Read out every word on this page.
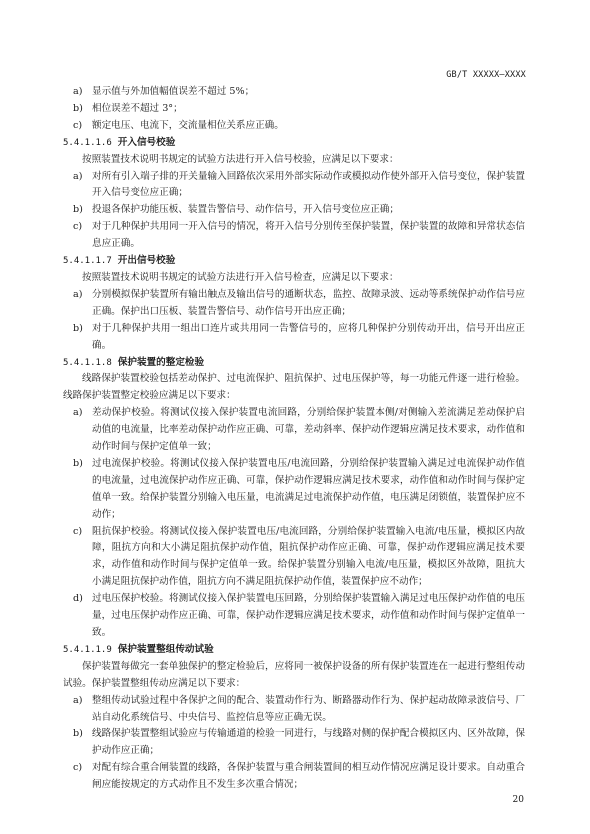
GB/T XXXXX—XXXX
a) 显示值与外加值幅值误差不超过 5%；
b) 相位误差不超过 3°；
c) 额定电压、电流下，交流量相位关系应正确。
5.4.1.1.6 开入信号校验
按照装置技术说明书规定的试验方法进行开入信号校验，应满足以下要求：
a) 对所有引入端子排的开关量输入回路依次采用外部实际动作或模拟动作使外部开入信号变位，保护装置开入信号变位应正确；
b) 投退各保护功能压板、装置告警信号、动作信号，开入信号变位应正确；
c) 对于几种保护共用同一开入信号的情况，将开入信号分别传至保护装置，保护装置的故障和异常状态信息应正确。
5.4.1.1.7 开出信号校验
按照装置技术说明书规定的试验方法进行开入信号检查，应满足以下要求：
a) 分别模拟保护装置所有输出触点及输出信号的通断状态，监控、故障录波、远动等系统保护动作信号应正确。保护出口压板、装置告警信号、动作信号开出应正确；
b) 对于几种保护共用一组出口连片或共用同一告警信号的，应将几种保护分别传动开出，信号开出应正确。
5.4.1.1.8 保护装置的整定检验
线路保护装置校验包括差动保护、过电流保护、阻抗保护、过电压保护等，每一功能元件逐一进行检验。线路保护装置整定校验应满足以下要求：
a) 差动保护校验。将测试仪接入保护装置电流回路，分别给保护装置本侧/对侧输入差流满足差动保护启动值的电流量，比率差动保护动作应正确、可靠，差动斜率、保护动作逻辑应满足技术要求，动作值和动作时间与保护定值单一致；
b) 过电流保护校验。将测试仪接入保护装置电压/电流回路，分别给保护装置输入满足过电流保护动作值的电流量，过电流保护动作应正确、可靠，保护动作逻辑应满足技术要求，动作值和动作时间与保护定值单一致。给保护装置分别输入电压量，电流满足过电流保护动作值，电压满足闭锁值，装置保护应不动作；
c) 阻抗保护校验。将测试仪接入保护装置电压/电流回路，分别给保护装置输入电流/电压量，模拟区内故障，阻抗方向和大小满足阻抗保护动作值，阻抗保护动作应正确、可靠，保护动作逻辑应满足技术要求，动作值和动作时间与保护定值单一致。给保护装置分别输入电流/电压量，模拟区外故障，阻抗大小满足阻抗保护动作值，阻抗方向不满足阻抗保护动作值，装置保护应不动作；
d) 过电压保护校验。将测试仪接入保护装置电压回路，分别给保护装置输入满足过电压保护动作值的电压量，过电压保护动作应正确、可靠，保护动作逻辑应满足技术要求，动作值和动作时间与保护定值单一致。
5.4.1.1.9 保护装置整组传动试验
保护装置每做完一套单独保护的整定检验后，应将同一被保护设备的所有保护装置连在一起进行整组传动试验。保护装置整组传动应满足以下要求：
a) 整组传动试验过程中各保护之间的配合、装置动作行为、断路器动作行为、保护起动故障录波信号、厂站自动化系统信号、中央信号、监控信息等应正确无误。
b) 线路保护装置整组试验应与传输通道的检验一同进行，与线路对侧的保护配合模拟区内、区外故障，保护动作应正确；
c) 对配有综合重合闸装置的线路，各保护装置与重合闸装置间的相互动作情况应满足设计要求。自动重合闸应能按规定的方式动作且不发生多次重合情况；
20
